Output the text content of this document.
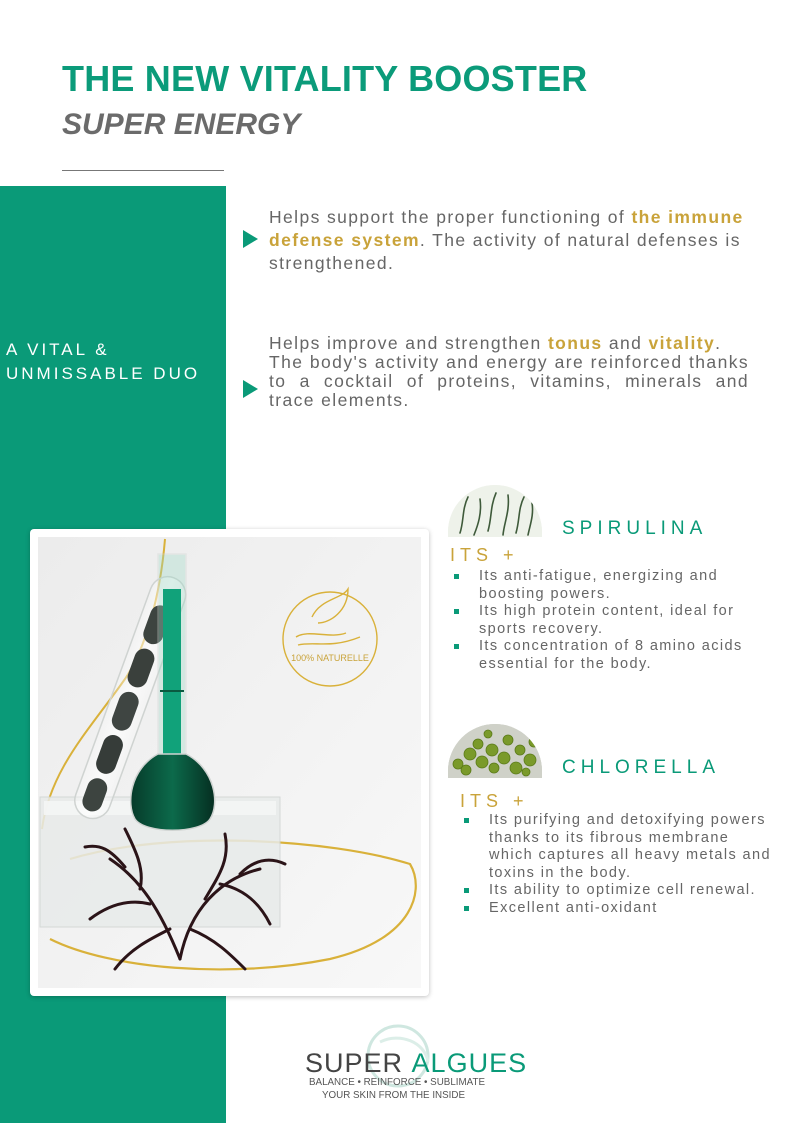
THE NEW VITALITY BOOSTER
SUPER ENERGY
A VITAL &
UNMISSABLE DUO
Helps support the proper functioning of the immune defense system. The activity of natural defenses is strengthened.
Helps improve and strengthen tonus and vitality.
The body's activity and energy are reinforced thanks to a cocktail of proteins, vitamins, minerals and trace elements.
100% NATURELLE
SPIRULINA
ITS +
Its anti-fatigue, energizing and boosting powers.
Its high protein content, ideal for sports recovery.
Its concentration of 8 amino acids essential for the body.
CHLORELLA
ITS +
Its purifying and detoxifying powers thanks to its fibrous membrane which captures all heavy metals and toxins in the body.
Its ability to optimize cell renewal.
Excellent anti-oxidant
SUPER ALGUES
BALANCE • REINFORCE • SUBLIMATE
YOUR SKIN FROM THE INSIDE
